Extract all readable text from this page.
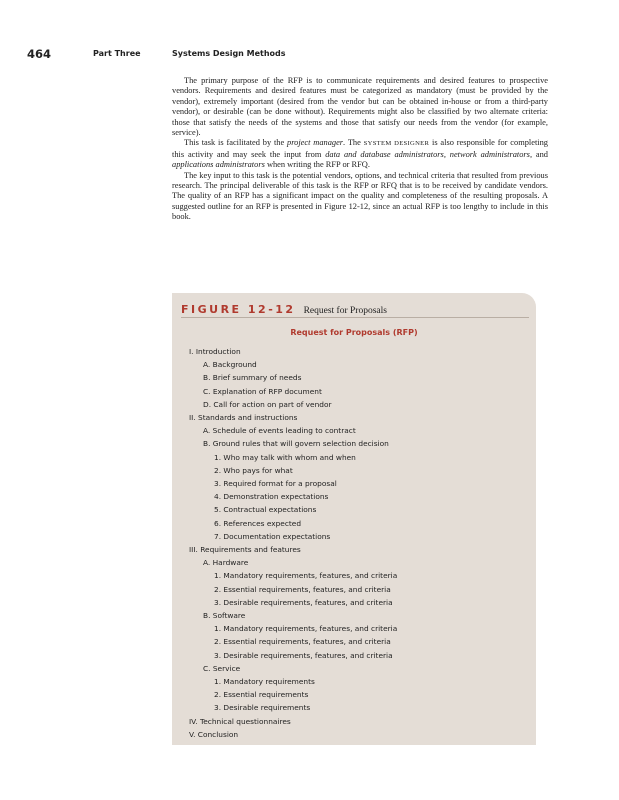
464	Part Three	Systems Design Methods

The primary purpose of the RFP is to communicate requirements and desired features to prospective vendors. Requirements and desired features must be categorized as mandatory (must be provided by the vendor), extremely important (desired from the vendor but can be obtained in-house or from a third-party vendor), or desirable (can be done without). Requirements might also be classified by two alternate criteria: those that satisfy the needs of the systems and those that satisfy our needs from the vendor (for example, service).

This task is facilitated by the project manager. The SYSTEM DESIGNER is also responsible for completing this activity and may seek the input from data and database administrators, network administrators, and applications administrators when writing the RFP or RFQ.

The key input to this task is the potential vendors, options, and technical criteria that resulted from previous research. The principal deliverable of this task is the RFP or RFQ that is to be received by candidate vendors. The quality of an RFP has a significant impact on the quality and completeness of the resulting proposals. A suggested outline for an RFP is presented in Figure 12-12, since an actual RFP is too lengthy to include in this book.

FIGURE 12-12 Request for Proposals
Request for Proposals (RFP)
I. Introduction
A. Background
B. Brief summary of needs
C. Explanation of RFP document
D. Call for action on part of vendor
II. Standards and instructions
A. Schedule of events leading to contract
B. Ground rules that will govern selection decision
1. Who may talk with whom and when
2. Who pays for what
3. Required format for a proposal
4. Demonstration expectations
5. Contractual expectations
6. References expected
7. Documentation expectations
III. Requirements and features
A. Hardware
1. Mandatory requirements, features, and criteria
2. Essential requirements, features, and criteria
3. Desirable requirements, features, and criteria
B. Software
1. Mandatory requirements, features, and criteria
2. Essential requirements, features, and criteria
3. Desirable requirements, features, and criteria
C. Service
1. Mandatory requirements
2. Essential requirements
3. Desirable requirements
IV. Technical questionnaires
V. Conclusion
